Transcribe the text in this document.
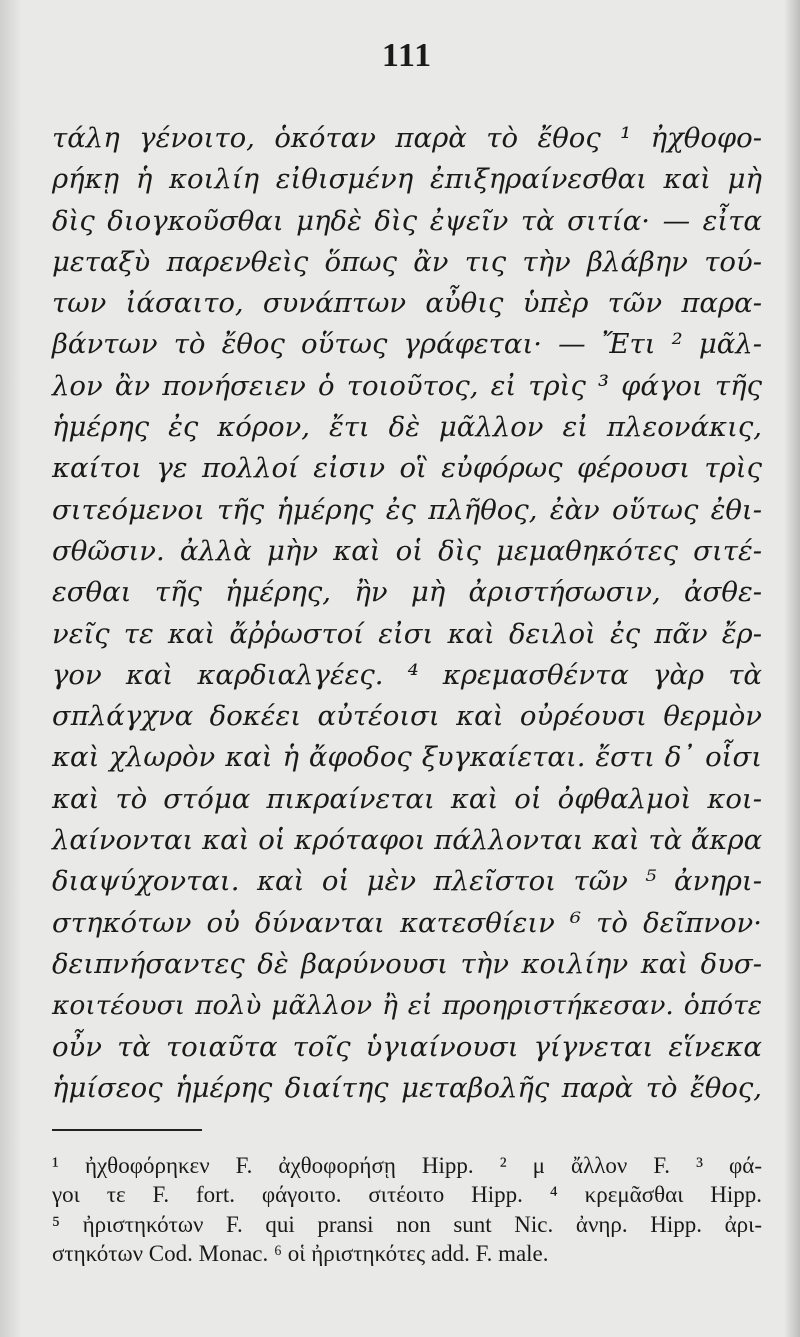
111
τάλη γένοιτο, ὁκόταν παρὰ τὸ ἔθος ¹ ἠχθοφο-
ρήκῃ ἡ κοιλίη εἰθισμένη ἐπιξηραίνεσθαι καὶ μὴ
δὶς διογκοῦσθαι μηδὲ δὶς ἐψεῖν τὰ σιτία· — εἶτα
μεταξὺ παρενθεὶς ὅπως ἂν τις τὴν βλάβην τού-
των ἰάσαιτο, συνάπτων αὖθις ὑπὲρ τῶν παρα-
βάντων τὸ ἔθος οὕτως γράφεται· — Ἔτι ² μᾶλ-
λον ἂν πονήσειεν ὁ τοιοῦτος, εἰ τρὶς ³ φάγοι τῆς
ἡμέρης ἐς κόρον, ἔτι δὲ μᾶλλον εἰ πλεονάκις,
καίτοι γε πολλοί εἰσιν οἳ εὐφόρως φέρουσι τρὶς
σιτεόμενοι τῆς ἡμέρης ἐς πλῆθος, ἐὰν οὕτως ἐθι-
σθῶσιν. ἀλλὰ μὴν καὶ οἱ δὶς μεμαθηκότες σιτέ-
εσθαι τῆς ἡμέρης, ἢν μὴ ἀριστήσωσιν, ἀσθε-
νεῖς τε καὶ ἄῤῥωστοί εἰσι καὶ δειλοὶ ἐς πᾶν ἔρ-
γον καὶ καρδιαλγέες. ⁴ κρεμασθέντα γὰρ τὰ
σπλάγχνα δοκέει αὐτέοισι καὶ οὐρέουσι θερμὸν
καὶ χλωρὸν καὶ ἡ ἄφοδος ξυγκαίεται. ἔστι δ᾽ οἷσι
καὶ τὸ στόμα πικραίνεται καὶ οἱ ὀφθαλμοὶ κοι-
λαίνονται καὶ οἱ κρόταφοι πάλλονται καὶ τὰ ἄκρα
διαψύχονται. καὶ οἱ μὲν πλεῖστοι τῶν ⁵ ἀνηρι-
στηκότων οὐ δύνανται κατεσθίειν ⁶ τὸ δεῖπνον·
δειπνήσαντες δὲ βαρύνουσι τὴν κοιλίην καὶ δυσ-
κοιτέουσι πολὺ μᾶλλον ἢ εἰ προηριστήκεσαν. ὁπότε
οὖν τὰ τοιαῦτα τοῖς ὑγιαίνουσι γίγνεται εἵνεκα
ἡμίσεος ἡμέρης διαίτης μεταβολῆς παρὰ τὸ ἔθος,
¹ ἠχθοφόρηκεν F. ἀχθοφορήσῃ Hipp. ² μ ἄλλον F. ³ φά-
γοι τε F. fort. φάγοιτο. σιτέοιτο Hipp. ⁴ κρεμᾶσθαι Hipp.
⁵ ἠριστηκότων F. qui pransi non sunt Nic. ἀνηρ. Hipp. ἀρι-
στηκότων Cod. Monac. ⁶ οἱ ἠριστηκότες add. F. male.
